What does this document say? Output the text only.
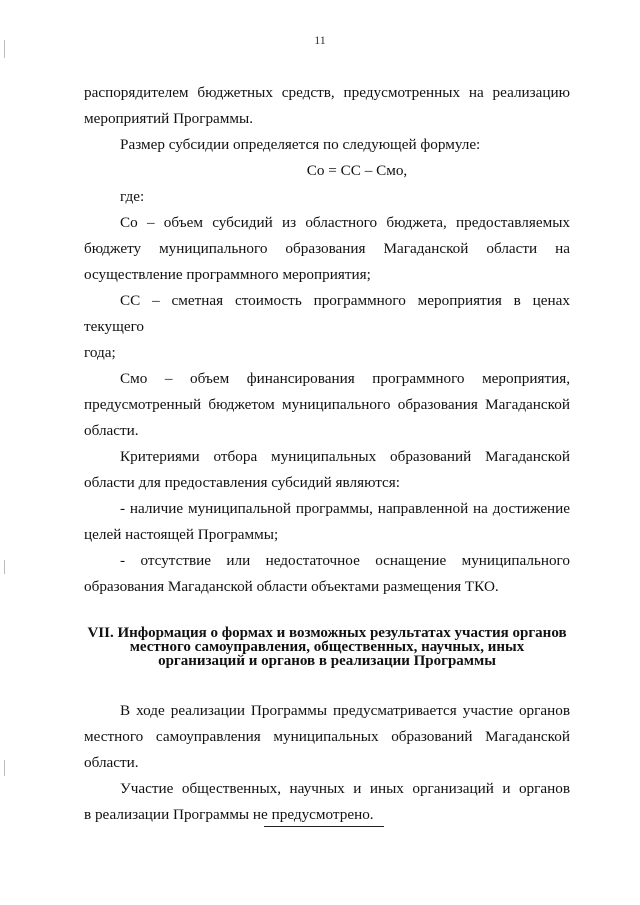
11

распорядителем бюджетных средств, предусмотренных на реализацию

мероприятий Программы.

Размер субсидии определяется по следующей формуле:

Со = СС – Смо,

где:

Со – объем субсидий из областного бюджета, предоставляемых

бюджету муниципального образования Магаданской области на

осуществление программного мероприятия;

СС – сметная стоимость программного мероприятия в ценах текущего

года;

Смо – объем финансирования программного мероприятия,

предусмотренный бюджетом муниципального образования Магаданской

области.

Критериями отбора муниципальных образований Магаданской

области для предоставления субсидий являются:

- наличие муниципальной программы, направленной на достижение

целей настоящей Программы;

- отсутствие или недостаточное оснащение муниципального

образования Магаданской области объектами размещения ТКО.

VII. Информация о формах и возможных результатах участия органов
местного самоуправления, общественных, научных, иных
организаций и органов в реализации Программы

В ходе реализации Программы предусматривается участие органов

местного самоуправления муниципальных образований Магаданской

области.

Участие общественных, научных и иных организаций и органов

в реализации Программы не предусмотрено.
